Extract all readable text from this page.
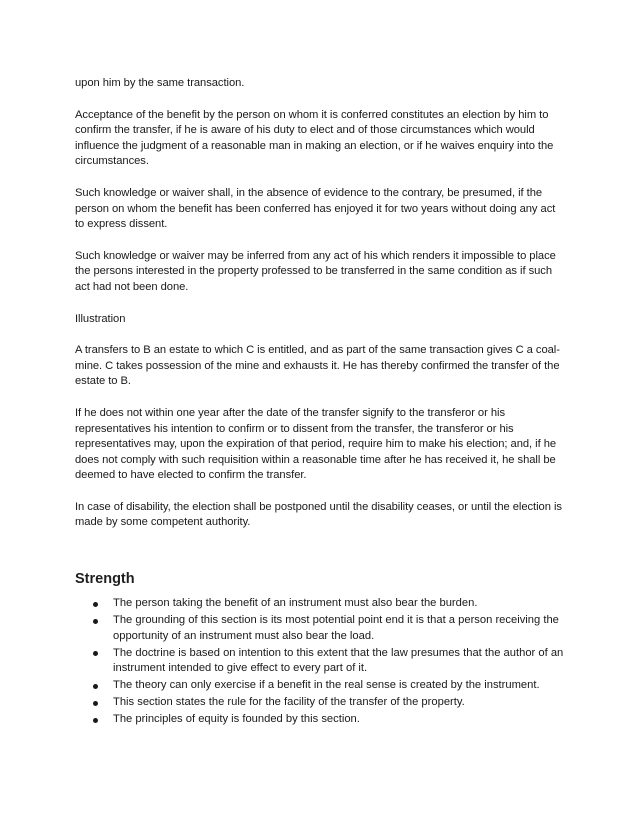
upon him by the same transaction.

Acceptance of the benefit by the person on whom it is conferred constitutes an election by him to confirm the transfer, if he is aware of his duty to elect and of those circumstances which would influence the judgment of a reasonable man in making an election, or if he waives enquiry into the circumstances.

Such knowledge or waiver shall, in the absence of evidence to the contrary, be presumed, if the person on whom the benefit has been conferred has enjoyed it for two years without doing any act to express dissent.

Such knowledge or waiver may be inferred from any act of his which renders it impossible to place the persons interested in the property professed to be transferred in the same condition as if such act had not been done.

Illustration

A transfers to B an estate to which C is entitled, and as part of the same transaction gives C a coal-mine. C takes possession of the mine and exhausts it. He has thereby confirmed the transfer of the estate to B.

If he does not within one year after the date of the transfer signify to the transferor or his representatives his intention to confirm or to dissent from the transfer, the transferor or his representatives may, upon the expiration of that period, require him to make his election; and, if he does not comply with such requisition within a reasonable time after he has received it, he shall be deemed to have elected to confirm the transfer.

In case of disability, the election shall be postponed until the disability ceases, or until the election is made by some competent authority.

Strength
The person taking the benefit of an instrument must also bear the burden.
The grounding of this section is its most potential point end it is that a person receiving the opportunity of an instrument must also bear the load.
The doctrine is based on intention to this extent that the law presumes that the author of an instrument intended to give effect to every part of it.
The theory can only exercise if a benefit in the real sense is created by the instrument.
This section states the rule for the facility of the transfer of the property.
The principles of equity is founded by this section.
